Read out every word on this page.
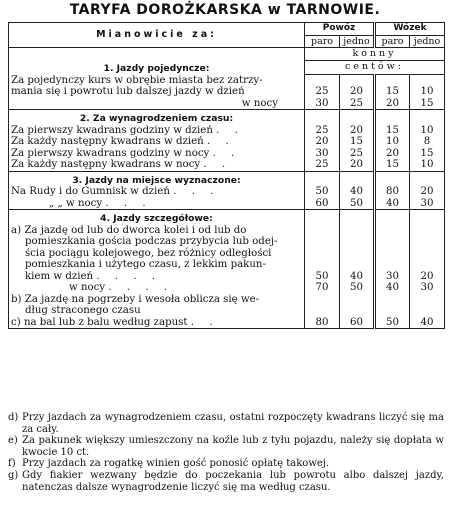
TARYFA DOROŻKARSKA w TARNOWIE.
Mianowicie za:	Powóz		Wózek	
	paro	jedno	paro	jedno
	konny			
1. Jazdy pojedyncze:	centów:			
Za pojedynczy kurs w obrębie miasta bez zatrzy-				
mania się i powrotu lub dalszej jazdy w dzień	25	20	15	10
w nocy	30	25	20	15
2. Za wynagrodzeniem czasu:				
Za pierwszy kwadrans godziny w dzień . .	25	20	15	10
Za każdy następny kwadrans w dzień . .	20	15	10	8
Za pierwszy kwadrans godziny w nocy . .	30	25	20	15
Za każdy następny kwadrans w nocy . .	25	20	15	10
3. Jazdy na miejsce wyznaczone:				
Na Rudy i do Gumnisk w dzień . . .	50	40	80	20
„ „ w nocy . . .	60	50	40	30
4. Jazdy szczegółowe:				
a) Za jazdę od lub do dworca kolei i od lub do				
pomieszkania gościa podczas przybycia lub odej-				
ścia pociągu kolejowego, bez różnicy odległości				
pomieszkania i użytego czasu, z lekkim pakun-				
kiem w dzień . . . .	50	40	30	20
w nocy . . . .	70	50	40	30
b) Za jazdę na pogrzeby i wesoła oblicza się we-				
dług straconego czasu				
c) na bal lub z balu według zapust . .	80	60	50	40
d) Przy jazdach za wynagrodzeniem czasu, ostatni rozpoczęty kwadrans liczyć się ma za cały.
e) Za pakunek większy umieszczony na koźle lub z tyłu pojazdu, należy się dopłata w kwocie 10 ct.
f) Przy jazdach za rogatkę winien gość ponosić opłatę takowej.
g) Gdy fiakier wezwany będzie do poczekania lub powrotu albo dalszej jazdy, natenczas dalsze wynagrodzenie liczyć się ma według czasu.
